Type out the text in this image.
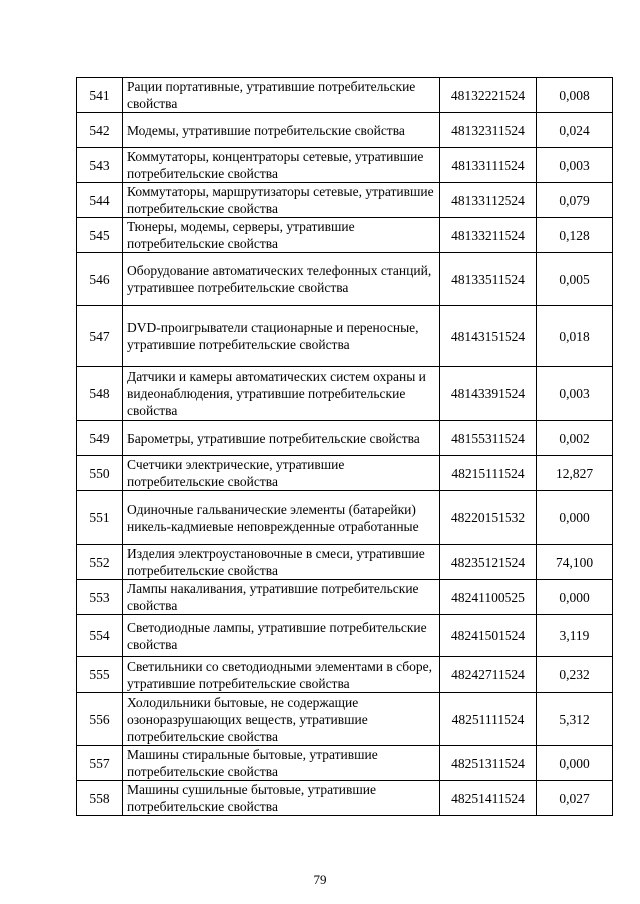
541	Рации портативные, утратившие потребительские свойства	48132221524	0,008
542	Модемы, утратившие потребительские свойства	48132311524	0,024
543	Коммутаторы, концентраторы сетевые, утратившие потребительские свойства	48133111524	0,003
544	Коммутаторы, маршрутизаторы сетевые, утратившие потребительские свойства	48133112524	0,079
545	Тюнеры, модемы, серверы, утратившие потребительские свойства	48133211524	0,128
546	Оборудование автоматических телефонных станций, утратившее потребительские свойства	48133511524	0,005
547	DVD-проигрыватели стационарные и переносные, утратившие потребительские свойства	48143151524	0,018
548	Датчики и камеры автоматических систем охраны и видеонаблюдения, утратившие потребительские свойства	48143391524	0,003
549	Барометры, утратившие потребительские свойства	48155311524	0,002
550	Счетчики электрические, утратившие потребительские свойства	48215111524	12,827
551	Одиночные гальванические элементы (батарейки) никель-кадмиевые неповрежденные отработанные	48220151532	0,000
552	Изделия электроустановочные в смеси, утратившие потребительские свойства	48235121524	74,100
553	Лампы накаливания, утратившие потребительские свойства	48241100525	0,000
554	Светодиодные лампы, утратившие потребительские свойства	48241501524	3,119
555	Светильники со светодиодными элементами в сборе, утратившие потребительские свойства	48242711524	0,232
556	Холодильники бытовые, не содержащие озоноразрушающих веществ, утратившие потребительские свойства	48251111524	5,312
557	Машины стиральные бытовые, утратившие потребительские свойства	48251311524	0,000
558	Машины сушильные бытовые, утратившие потребительские свойства	48251411524	0,027
79
